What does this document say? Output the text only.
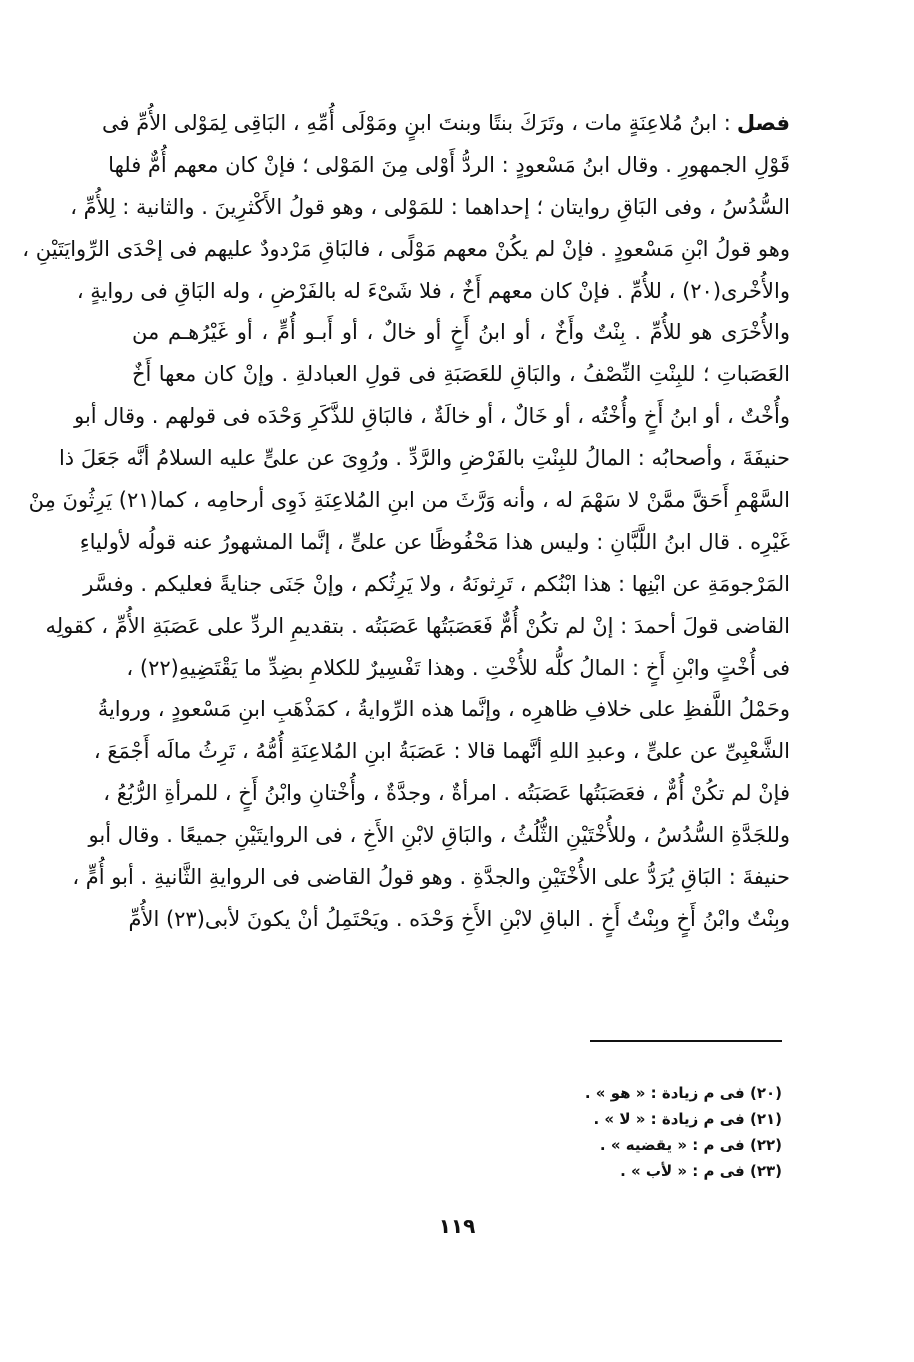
فصل: ابنُ مُلاعِنَةٍ مات ، وتَرَكَ بنتًا وبنتَ ابنٍ ومَوْلَى أُمِّهِ ، البَاقِى لِمَوْلى الأُمِّ فى
قَوْلِ الجمهورِ . وقال ابنُ مَسْعودٍ : الردُّ أَوْلى مِنَ المَوْلى ؛ فإنْ كان معهم أُمٌّ فلها
السُّدُسُ ، وفى البَاقِ روايتان ؛ إحداهما : للمَوْلى ، وهو قولُ الأَكْثرِينَ . والثانية : لِلأُمِّ ،
وهو قولُ ابْنِ مَسْعودٍ . فإنْ لم يكُنْ معهم مَوْلًى ، فالبَاقِ مَرْدودٌ عليهم فى إحْدَى الرِّوايَتَيْنِ ،
والأُخْرى(٢٠) ، للأُمِّ . فإنْ كان معهم أَخٌ ، فلا شَىْءَ له بالفَرْضِ ، وله البَاقِ فى روايةٍ ،
والأُخْرَى هو للأُمِّ . بِنْتٌ وأَخٌ ، أو ابنُ أَخٍ أو خالٌ ، أو أَبـو أُمٍّ ، أو غَيْرُهـم من
العَصَباتِ ؛ للبِنْتِ النِّصْفُ ، والبَاقِ للعَصَبَةِ فى قولِ العبادلةِ . وإنْ كان معها أَخٌ
وأُخْتٌ ، أو ابنُ أَخٍ وأُخْتُه ، أو خَالٌ ، أو خالَةٌ ، فالبَاقِ للذَّكَرِ وَحْدَه فى قولهم . وقال أبو
حنيفَةَ ، وأصحابُه : المالُ للبِنْتِ بالفَرْضِ والرَّدِّ . ورُوِىَ عن علىٍّ عليه السلامُ أنَّه جَعَلَ ذا
السَّهْمِ أَحَقَّ ممَّنْ لا سَهْمَ له ، وأنه وَرَّثَ من ابنِ المُلاعِنَةِ ذَوِى أرحامِه ، كما(٢١) يَرِثُونَ مِنْ
غَيْرِه . قال ابنُ اللَّبَّانِ : وليس هذا مَحْفُوظًا عن علىٍّ ، إنَّما المشهورُ عنه قولُه لأولياءِ
المَرْجومَةِ عن ابْنِها : هذا ابْنُكم ، تَرِثونَهُ ، ولا يَرِثُكم ، وإنْ جَنَى جنايةً فعليكم . وفسَّر
القاضى قولَ أحمدَ : إنْ لم تكُنْ أُمٌّ فَعَصَبَتُها عَصَبَتُه . بتقديمِ الردِّ على عَصَبَةِ الأُمِّ ، كقولِه
فى أُخْتٍ وابْنِ أَخٍ : المالُ كلُّه للأُخْتِ . وهذا تَفْسِيرٌ للكلامِ بضِدِّ ما يَقْتَضِيهِ(٢٢) ،
وحَمْلُ اللَّفظِ على خلافِ ظاهرِه ، وإنَّما هذه الرِّوايةُ ، كمَذْهَبِ ابنِ مَسْعودٍ ، وروايةُ
الشَّعْبِىِّ عن علىٍّ ، وعبدِ اللهِ أنَّهما قالا : عَصَبَةُ ابنِ المُلاعِنَةِ أُمُّهُ ، تَرِثُ مالَه أَجْمَعَ ،
فإنْ لم تكُنْ أُمٌّ ، فعَصَبَتُها عَصَبَتُه . امرأةٌ ، وجدَّةٌ ، وأُخْتانِ وابْنُ أَخٍ ، للمرأةِ الرُّبُعُ ،
وللجَدَّةِ السُّدُسُ ، وللأُخْتَيْنِ الثُّلُثُ ، والبَاقِ لابْنِ الأَخِ ، فى الروايتَيْنِ جميعًا . وقال أبو
حنيفةَ : البَاقِ يُرَدُّ على الأُخْتَيْنِ والجدَّةِ . وهو قولُ القاضى فى الروايةِ الثَّانيةِ . أبو أُمٍّ ،
وبِنْتٌ وابْنُ أَخٍ وبِنْتُ أَخٍ . الباقِ لابْنِ الأَخِ وَحْدَه . ويَحْتَمِلُ أنْ يكونَ لأبى(٢٣) الأُمِّ
(٢٠) فى م زيادة : « هو » .
(٢١) فى م زيادة : « لا » .
(٢٢) فى م : « يقضيه » .
(٢٣) فى م : « لأب » .
١١٩
